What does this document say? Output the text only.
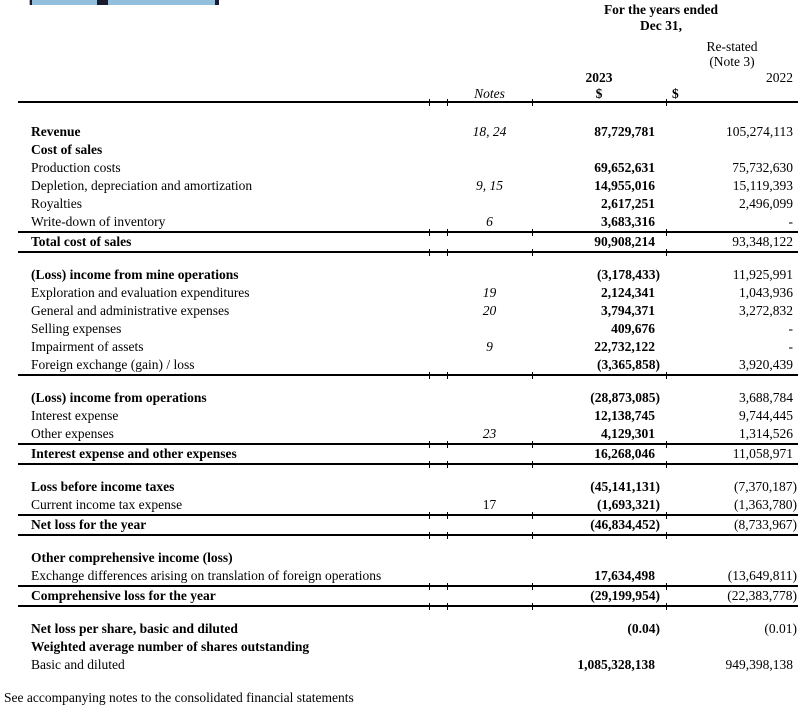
For the years ended
Dec 31,
Re-stated
(Note 3)
2023	2022
Notes	$	$
Revenue	18, 24	87,729,781	105,274,113
Cost of sales
Production costs	69,652,631	75,732,630
Depletion, depreciation and amortization	9, 15	14,955,016	15,119,393
Royalties	2,617,251	2,496,099
Write-down of inventory	6	3,683,316	-
Total cost of sales	90,908,214	93,348,122
(Loss) income from mine operations	(3,178,433)	11,925,991
Exploration and evaluation expenditures	19	2,124,341	1,043,936
General and administrative expenses	20	3,794,371	3,272,832
Selling expenses	409,676	-
Impairment of assets	9	22,732,122	-
Foreign exchange (gain) / loss	(3,365,858)	3,920,439
(Loss) income from operations	(28,873,085)	3,688,784
Interest expense	12,138,745	9,744,445
Other expenses	23	4,129,301	1,314,526
Interest expense and other expenses	16,268,046	11,058,971
Loss before income taxes	(45,141,131)	(7,370,187)
Current income tax expense	17	(1,693,321)	(1,363,780)
Net loss for the year	(46,834,452)	(8,733,967)
Other comprehensive income (loss)
Exchange differences arising on translation of foreign operations	17,634,498	(13,649,811)
Comprehensive loss for the year	(29,199,954)	(22,383,778)
Net loss per share, basic and diluted	(0.04)	(0.01)
Weighted average number of shares outstanding
Basic and diluted	1,085,328,138	949,398,138
See accompanying notes to the consolidated financial statements
